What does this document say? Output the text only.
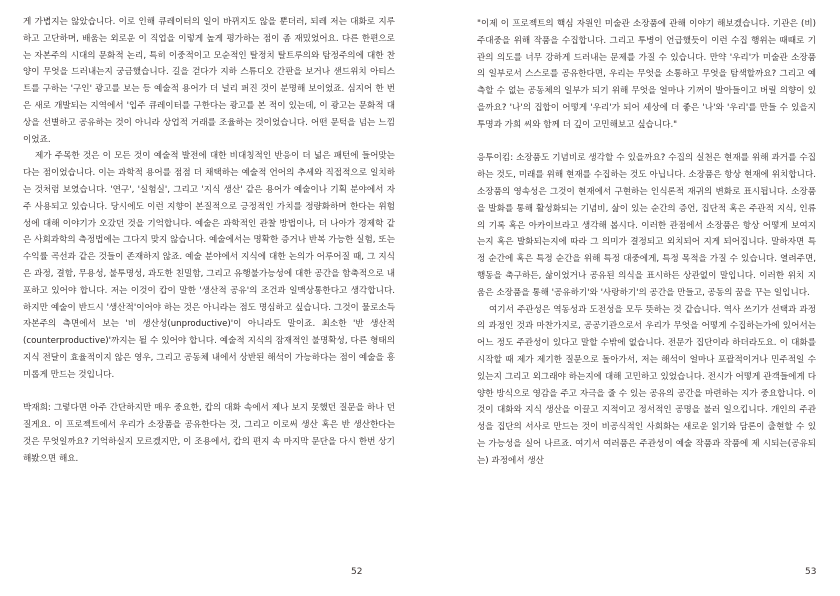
게 가볍지는 않았습니다. 이로 인해 큐레이터의 일이 바뀌지도 않을 뿐더러, 되레 저는 대화로 지루하고 고단하며, 배움는 외로운 이 직업을 이렇게 높게 평가하는 점이 좀 재밌었어요. 다른 한편으로는 자본주의 시대의 문화적 논리, 특히 이중적이고 모순적인 탈정치 탈트루의와 탐정주의에 대한 찬양이 무엇을 드러내는지 궁금했습니다. 길을 걷다가 지하 스튜디오 간판을 보거나 샌드위치 아티스트를 구하는 '구인' 광고를 보는 등 예술적 용어가 더 널리 퍼진 것이 분명해 보이었죠. 심지어 한 번은 새로 개발되는 지역에서 '입주 큐레이터를 구한다는 광고를 본 적이 있는데, 이 광고는 문화적 대상을 선별하고 공유하는 것이 아니라 상업적 거래를 조율하는 것이었습니다. 어떤 문턱을 넘는 느낌이었죠.

제가 주목한 것은 이 모든 것이 예술적 발전에 대한 비대칭적인 반응이 더 넓은 패턴에 들어맞는다는 점이었습니다. 이는 과학적 용어를 점점 더 채택하는 예술적 언어의 추세와 직접적으로 일치하는 것처럼 보였습니다. '연구', '실험실', 그리고 '지식 생산' 같은 용어가 예술이나 기획 분야에서 자주 사용되고 있습니다. 당시에도 이런 지향이 본질적으로 긍정적인 가치를 정량화하며 한다는 위험성에 대해 이야기가 오갔던 것을 기억합니다. 예술은 과학적인 관찰 방법이나, 더 나아가 경제학 같은 사회과학의 측정법에는 그다지 맞지 않습니다. 예술에서는 명확한 증거나 반복 가능한 실험, 또는 수익률 곡선과 같은 것들이 존재하지 않죠. 예술 분야에서 지식에 대한 논의가 어루어질 때, 그 지식은 과정, 결함, 무용성, 불투명성, 과도한 친밀함, 그리고 유행불가능성에 대한 공간을 함축적으로 내포하고 있어야 합니다. 저는 이것이 캅이 말한 '생산적 공유'의 조건과 일맥상통한다고 생각합니다. 하지만 예술이 반드시 '생산적'이어야 하는 것은 아니라는 점도 명심하고 싶습니다. 그것이 물로소득 자본주의 측면에서 보는 '비 생산성(unproductive)'이 아니라도 말이죠. 최소한 '반 생산적(counterproductive)'까지는 될 수 있어야 합니다. 예술적 지식의 잠재적인 불명확성, 다른 형태의 지식 전달이 효율적이지 않은 영우, 그리고 공동체 내에서 상반된 해석이 가능하다는 점이 예술을 흥미롭게 만드는 것입니다.

박재희: 그렇다면 아주 간단하지만 매우 중요한, 캅의 대화 속에서 제나 보지 못했던 질문을 하나 던질게요. 이 프로젝트에서 우리가 소장품을 공유한다는 것, 그리고 이로써 생산 혹은 반 생산한다는 것은 무엇일까요? 기억하실지 모르겠지만, 이 조용에서, 캅의 편지 속 마지막 문단을 다시 한번 상기 해봤으면 해요.

52

"이제 이 프로젝트의 핵심 자원인 미술관 소장품에 관해 이야기 해보겠습니다. 기관은 (비)주대중을 위해 작품을 수집합니다. 그리고 투병이 언급했듯이 이런 수집 행위는 때때로 기관의 의도를 너무 강하게 드러내는 문제를 가질 수 있습니다. 만약 '우리'가 미술관 소장품의 일부로서 스스로를 공유한다면, 우리는 무엇을 소통하고 무엇을 탐색할까요? 그리고 예측할 수 없는 공동체의 일부가 되기 위해 무엇을 얼마나 기꺼이 발아들이고 버릴 의향이 있을까요? '나'의 집합이 어떻게 '우리'가 되어 세상에 더 좋은 '나'와 '우리'를 만들 수 있을지 투명과 가희 씨와 함께 더 깊이 고민해보고 싶습니다."

응투이킴: 소장품도 기념비로 생각할 수 있을까요? 수집의 실천은 현재를 위해 과거를 수집하는 것도, 미래를 위해 현재를 수집하는 것도 아닙니다. 소장품은 항상 현재에 위치합니다. 소장품의 영속성은 그것이 현재에서 구현하는 인식론적 재귀의 변화로 표시됩니다. 소장품을 발화를 통해 활성화되는 기념비, 삶이 있는 순간의 증언, 집단적 혹은 주관적 지식, 인류의 기록 혹은 아카이브라고 생각해 봅시다. 이러한 관점에서 소장품은 항상 어떻게 보여지는지 혹은 발화되는지에 따라 그 의미가 결정되고 외치되어 지게 되어집니다. 말하자면 특정 순간에 혹은 특정 순간을 위해 특정 대중에게, 특정 목적을 가질 수 있습니다. 열려주면, 행동을 축구하든, 삶이었거나 공유된 의식을 표시하든 상관없이 말입니다. 이러한 위치 지움은 소장품을 통해 '공유하기'와 '사랑하기'의 공간을 만들고, 공동의 꿈을 꾸는 일입니다.

여기서 주관성은 역동성과 도전성을 모두 뜻하는 것 같습니다. 역사 쓰기가 선택과 과정의 과정인 것과 마찬가지로, 공공기관으로서 우리가 무엇을 어떻게 수집하는가에 있어서는 어느 정도 주관성이 있다고 말할 수밖에 없습니다. 전문가 집단이라 하더라도요. 이 대화를 시작할 때 제가 제기한 질문으로 돌아가서, 저는 해석이 얼마나 포괄적이거나 민주적일 수 있는지 그리고 외그래야 하는지에 대해 고민하고 있었습니다. 전시가 어떻게 관객들에게 다양한 방식으로 영감을 주고 자극을 줄 수 있는 공유의 공간을 마련하는 지가 중요합니다. 이것이 대화와 지식 생산을 이끌고 지적이고 정서적인 공명을 불러 일으킵니다. 개인의 주관성을 집단의 서사로 만드는 것이 비공식적인 사회화는 새로운 읽기와 담론이 출현할 수 있는 가능성을 실어 나르죠. 여기서 여러품은 주관성이 예술 작품과 작품에 제 시되는(공유되는) 과정에서 생산

53
